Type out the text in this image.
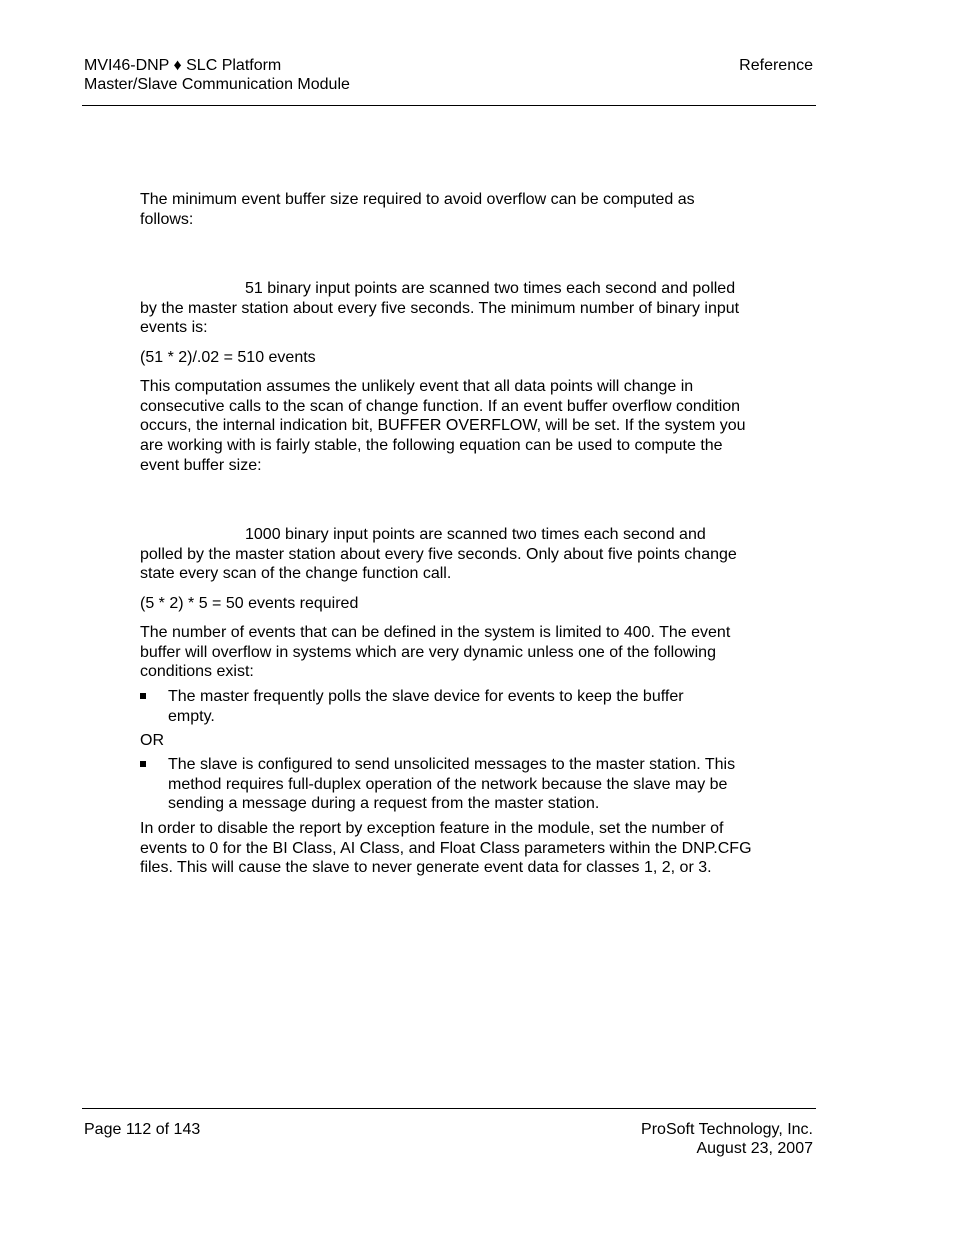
MVI46-DNP ♦ SLC Platform
Master/Slave Communication Module
Reference

The minimum event buffer size required to avoid overflow can be computed as follows:

51 binary input points are scanned two times each second and polled by the master station about every five seconds. The minimum number of binary input events is:

(51 * 2)/.02 = 510 events

This computation assumes the unlikely event that all data points will change in consecutive calls to the scan of change function. If an event buffer overflow condition occurs, the internal indication bit, BUFFER OVERFLOW, will be set. If the system you are working with is fairly stable, the following equation can be used to compute the event buffer size:

1000 binary input points are scanned two times each second and polled by the master station about every five seconds. Only about five points change state every scan of the change function call.

(5 * 2) * 5 = 50 events required

The number of events that can be defined in the system is limited to 400. The event buffer will overflow in systems which are very dynamic unless one of the following conditions exist:

The master frequently polls the slave device for events to keep the buffer empty.

OR

The slave is configured to send unsolicited messages to the master station. This method requires full-duplex operation of the network because the slave may be sending a message during a request from the master station.

In order to disable the report by exception feature in the module, set the number of events to 0 for the BI Class, AI Class, and Float Class parameters within the DNP.CFG files. This will cause the slave to never generate event data for classes 1, 2, or 3.

Page 112 of 143	ProSoft Technology, Inc.
August 23, 2007
